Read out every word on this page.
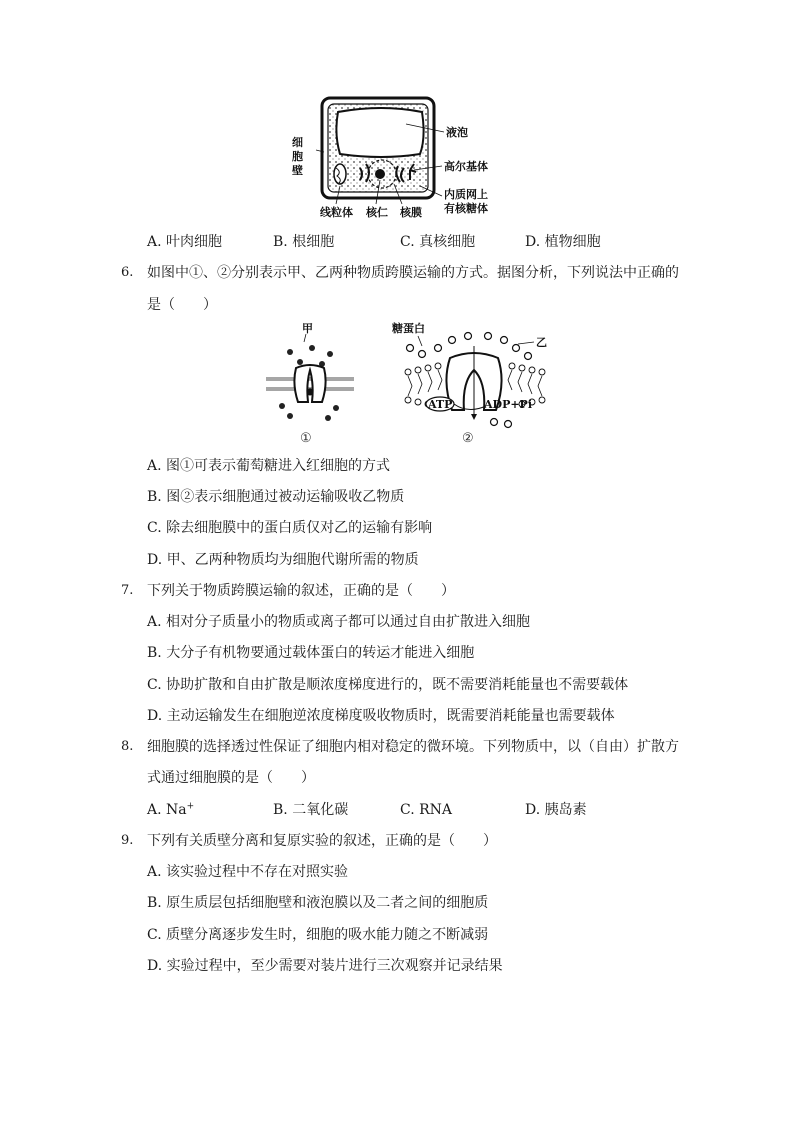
细
胞
壁
液泡
高尔基体
内质网上
有核糖体
线粒体 核仁 核膜
A. 叶肉细胞	B. 根细胞	C. 真核细胞	D. 植物细胞
6. 如图中①、②分别表示甲、乙两种物质跨膜运输的方式。据图分析，下列说法中正确的
是（　　）
甲
①
糖蛋白
乙
ATP	ADP+Pi
②
A. 图①可表示葡萄糖进入红细胞的方式
B. 图②表示细胞通过被动运输吸收乙物质
C. 除去细胞膜中的蛋白质仅对乙的运输有影响
D. 甲、乙两种物质均为细胞代谢所需的物质
7. 下列关于物质跨膜运输的叙述，正确的是（　　）
A. 相对分子质量小的物质或离子都可以通过自由扩散进入细胞
B. 大分子有机物要通过载体蛋白的转运才能进入细胞
C. 协助扩散和自由扩散是顺浓度梯度进行的，既不需要消耗能量也不需要载体
D. 主动运输发生在细胞逆浓度梯度吸收物质时，既需要消耗能量也需要载体
8. 细胞膜的选择透过性保证了细胞内相对稳定的微环境。下列物质中，以（自由）扩散方
式通过细胞膜的是（　　）
A. Na+	B. 二氧化碳	C. RNA	D. 胰岛素
9. 下列有关质壁分离和复原实验的叙述，正确的是（　　）
A. 该实验过程中不存在对照实验
B. 原生质层包括细胞壁和液泡膜以及二者之间的细胞质
C. 质壁分离逐步发生时，细胞的吸水能力随之不断减弱
D. 实验过程中，至少需要对装片进行三次观察并记录结果
